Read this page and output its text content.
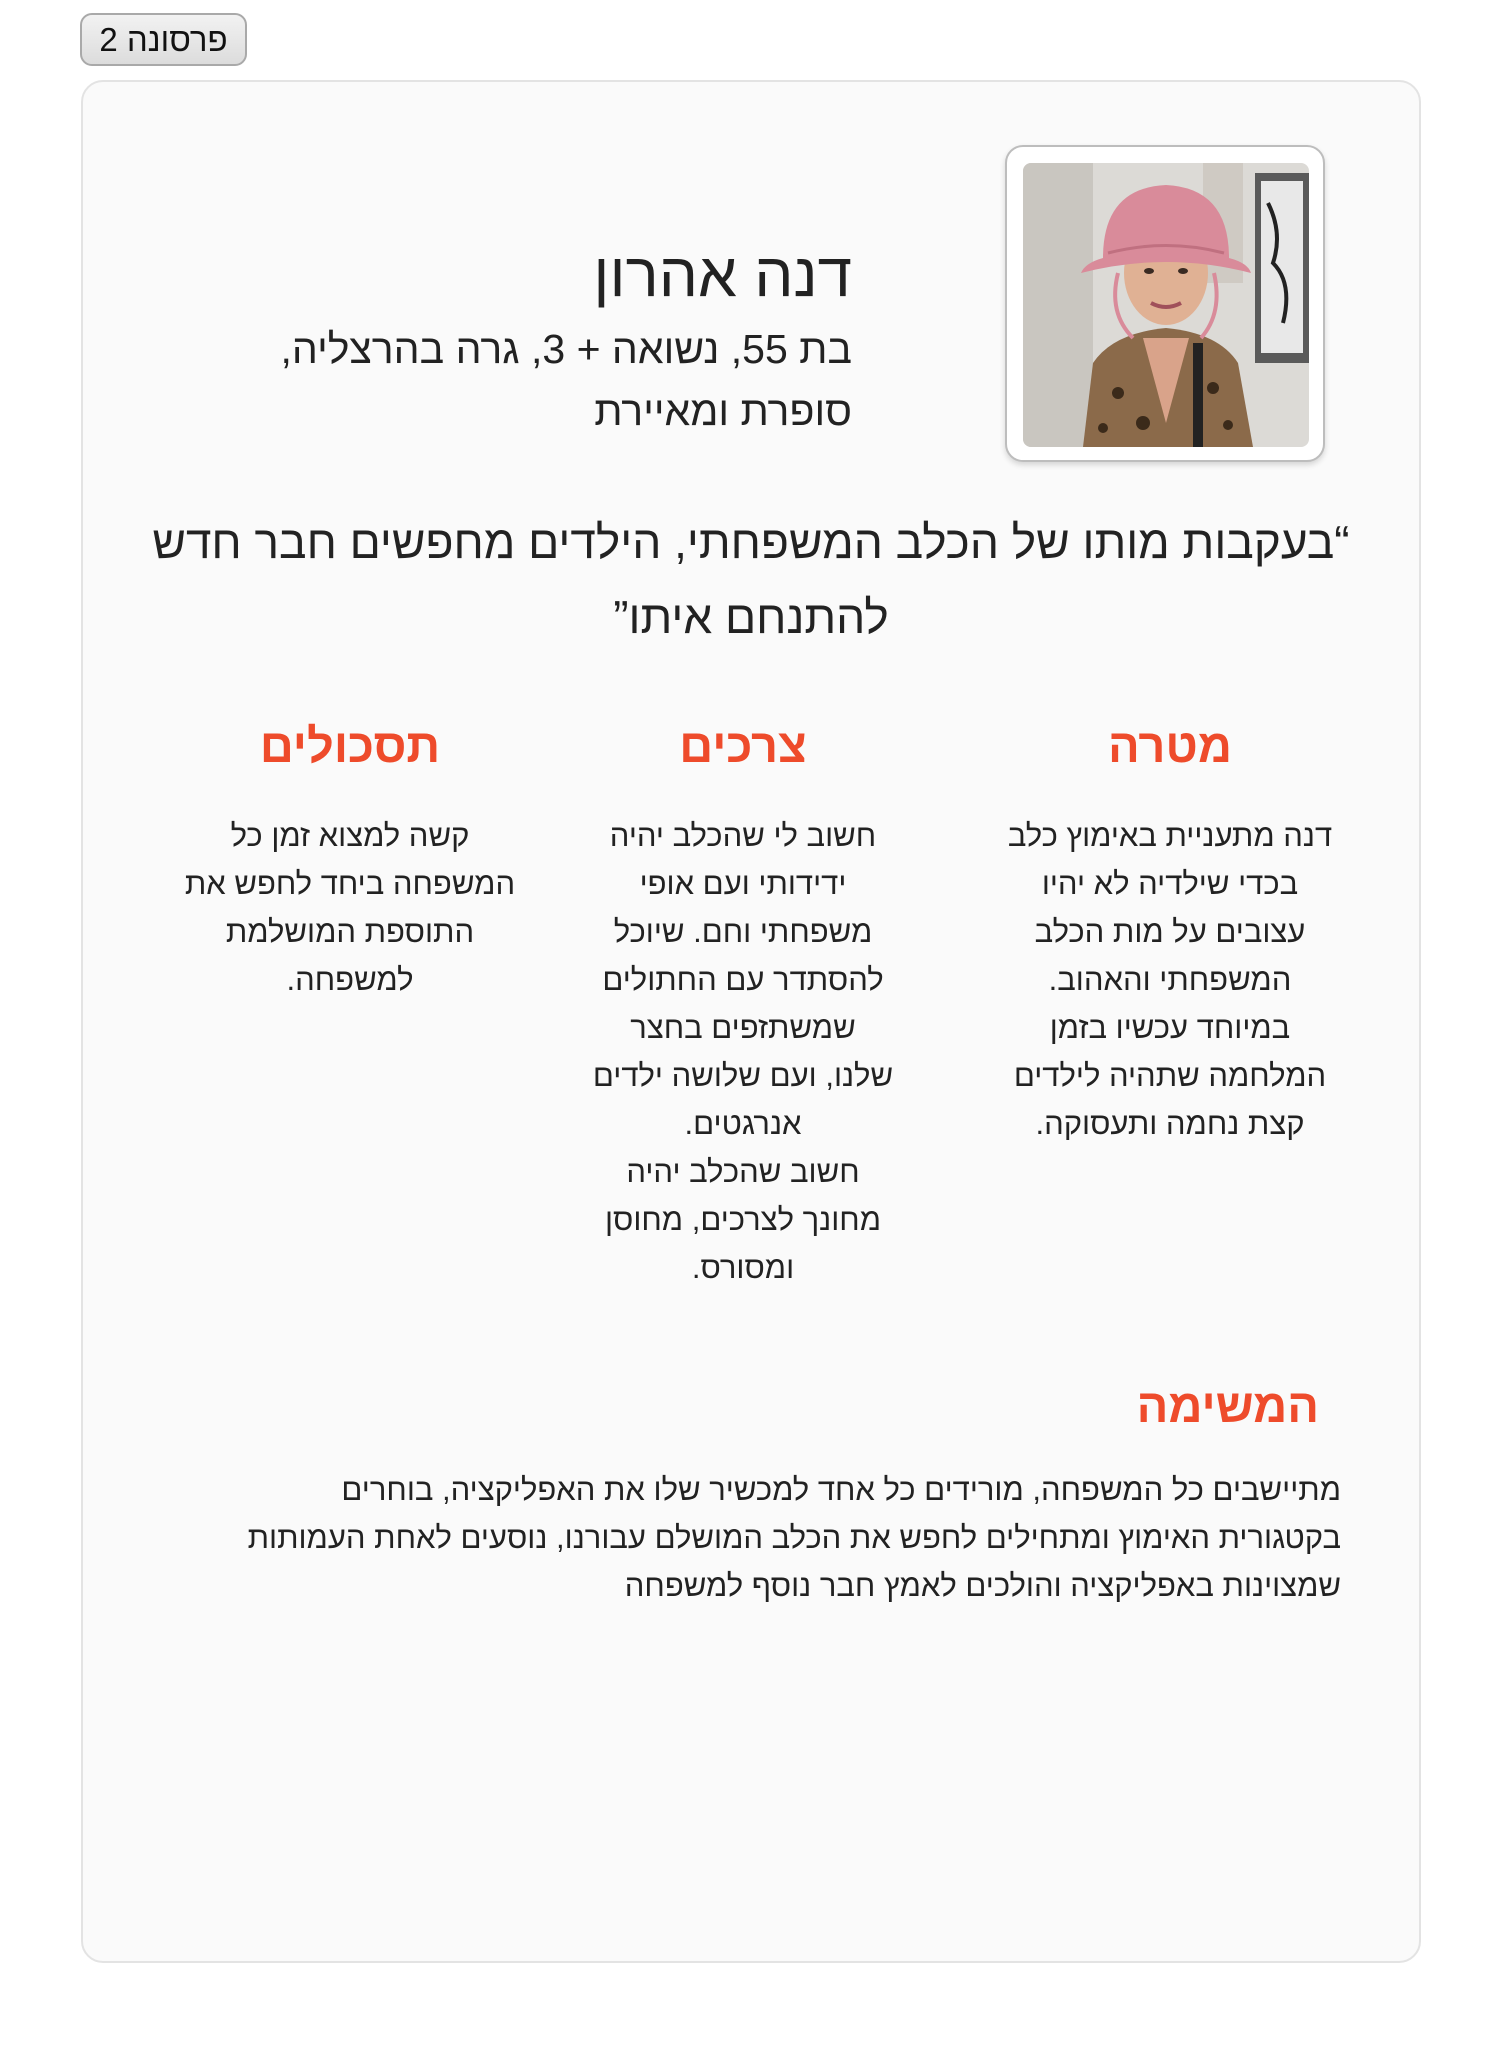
פרסונה 2
דנה אהרון
בת 55, נשואה + 3, גרה בהרצליה,
סופרת ומאיירת
“בעקבות מותו של הכלב המשפחתי, הילדים מחפשים חבר חדש
להתנחם איתו”
מטרה
צרכים
תסכולים
דנה מתעניית באימוץ כלב
בכדי שילדיה לא יהיו
עצובים על מות הכלב
המשפחתי והאהוב.
במיוחד עכשיו בזמן
המלחמה שתהיה לילדים
קצת נחמה ותעסוקה.
חשוב לי שהכלב יהיה
ידידותי ועם אופי
משפחתי וחם. שיוכל
להסתדר עם החתולים
שמשתזפים בחצר
שלנו, ועם שלושה ילדים
אנרגטים.
חשוב שהכלב יהיה
מחונך לצרכים, מחוסן
ומסורס.
קשה למצוא זמן כל
המשפחה ביחד לחפש את
התוספת המושלמת
למשפחה.
המשימה
מתיישבים כל המשפחה, מורידים כל אחד למכשיר שלו את האפליקציה, בוחרים
בקטגורית האימוץ ומתחילים לחפש את הכלב המושלם עבורנו, נוסעים לאחת העמותות
שמצוינות באפליקציה והולכים לאמץ חבר נוסף למשפחה
